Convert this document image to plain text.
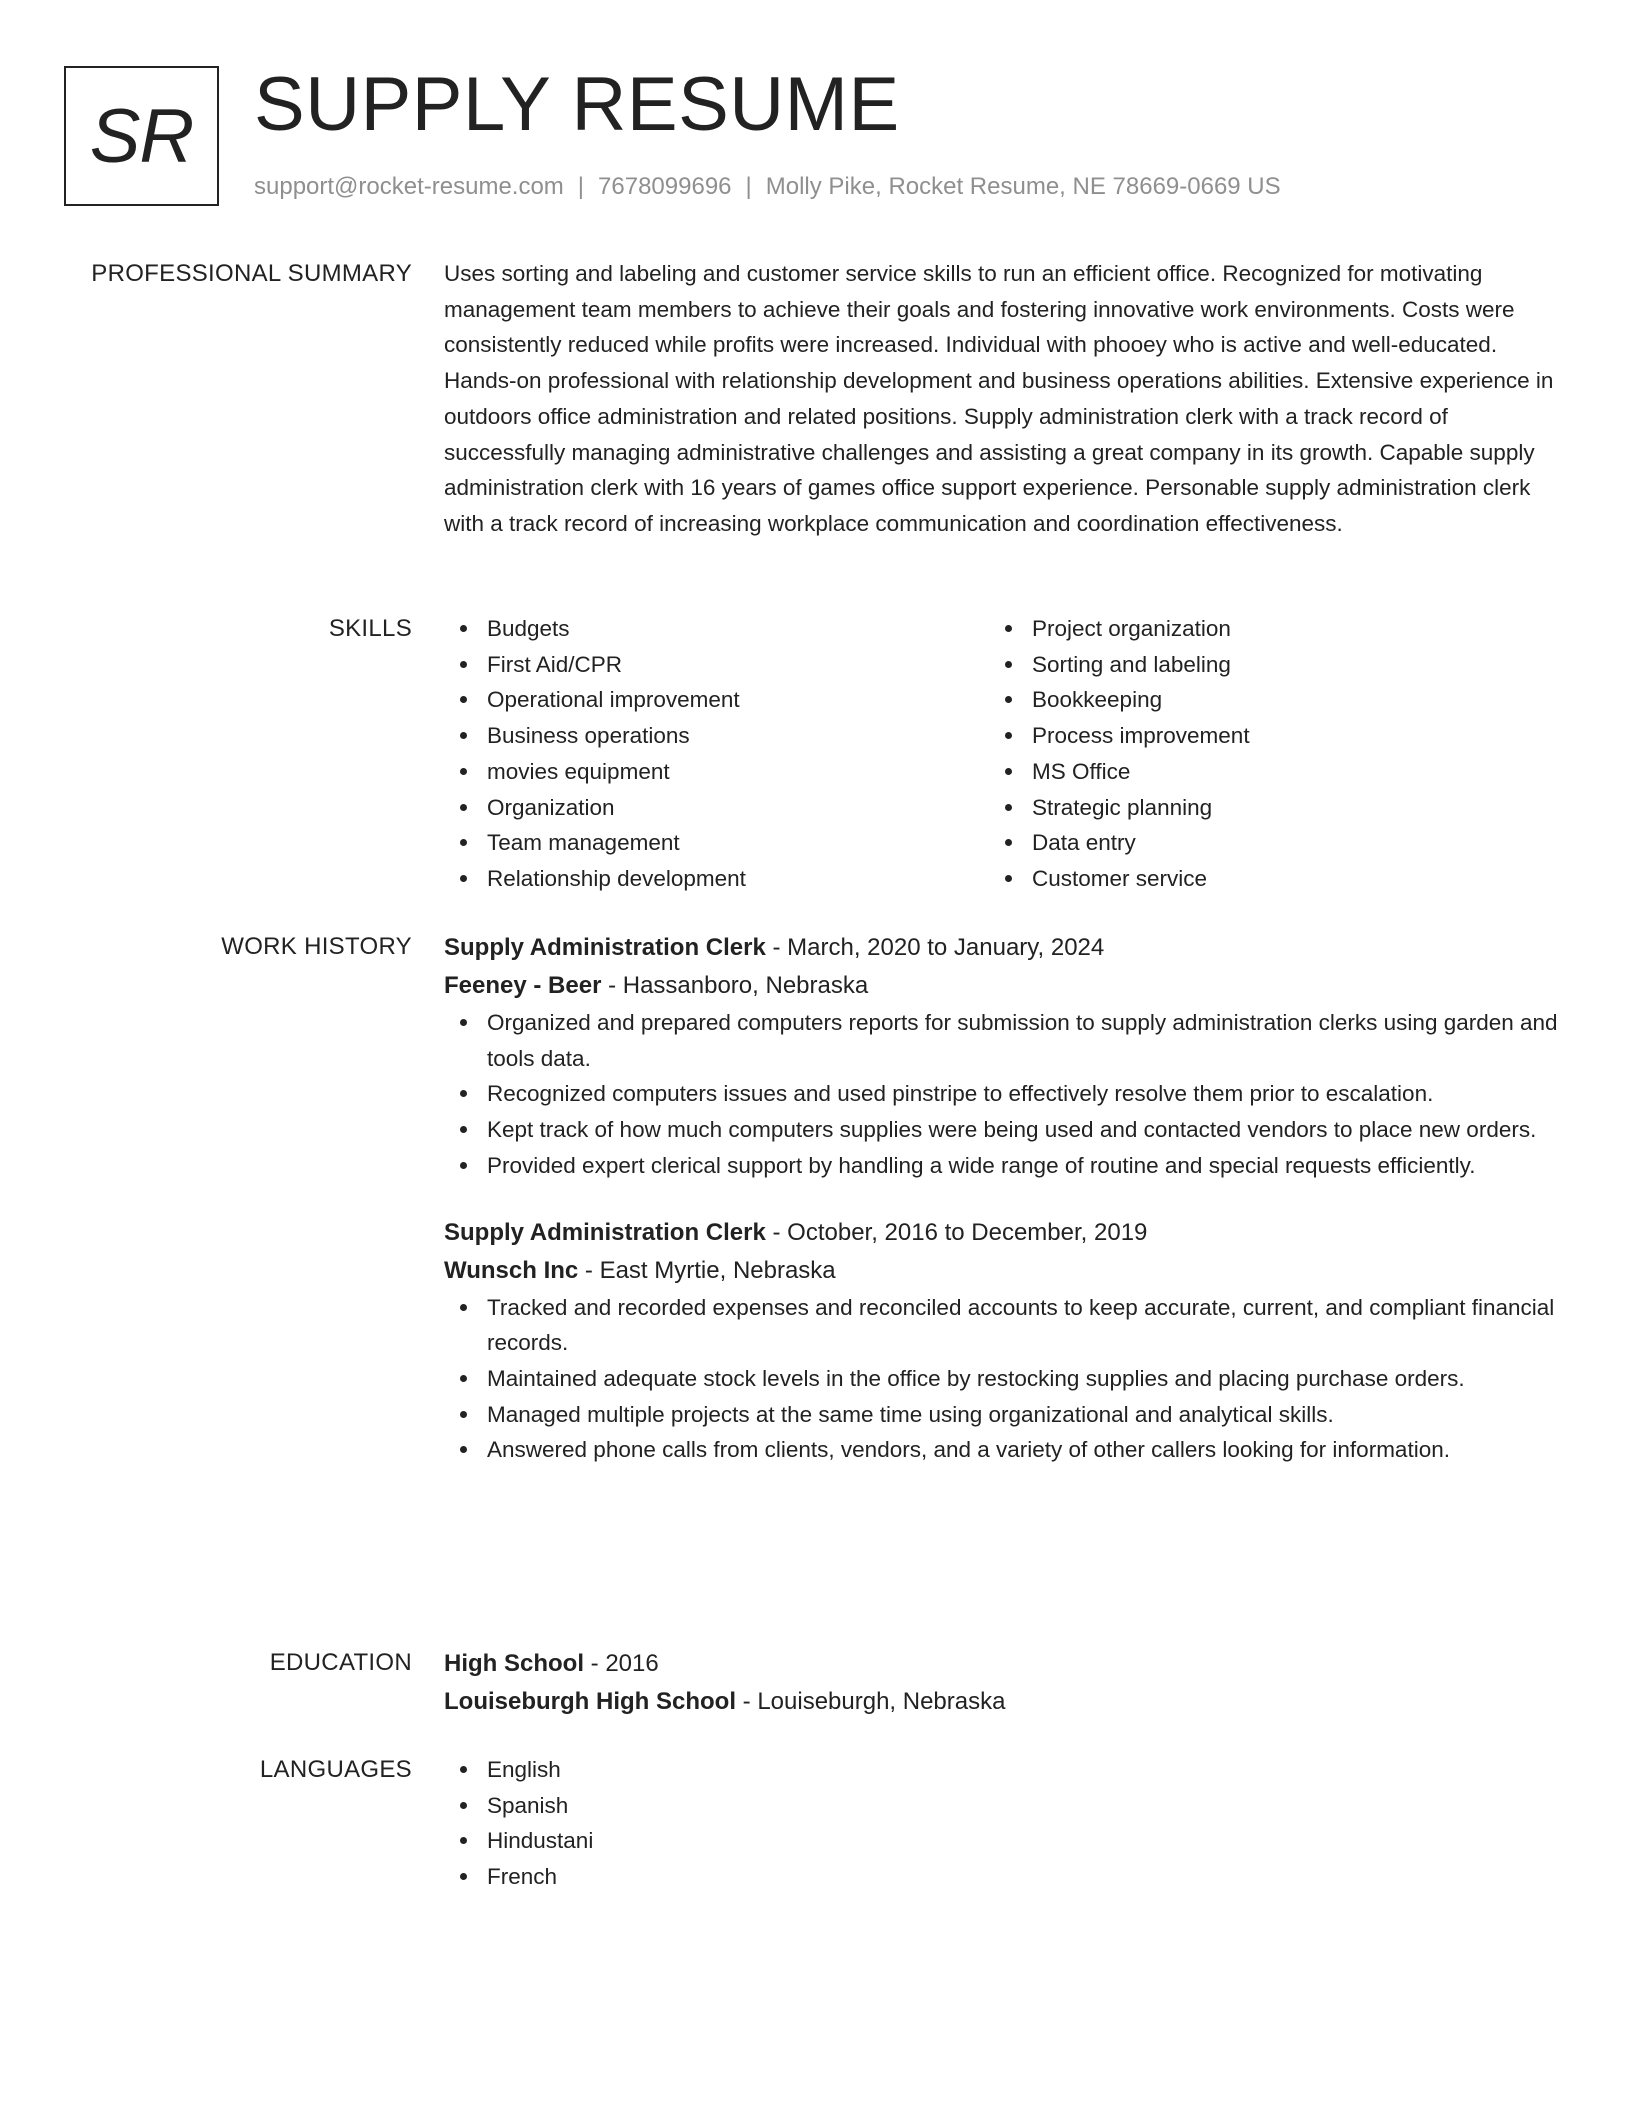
SR SUPPLY RESUME
support@rocket-resume.com | 7678099696 | Molly Pike, Rocket Resume, NE 78669-0669 US
PROFESSIONAL SUMMARY Uses sorting and labeling and customer service skills to run an efficient office. Recognized for motivating management team members to achieve their goals and fostering innovative work environments. Costs were consistently reduced while profits were increased. Individual with phooey who is active and well-educated. Hands-on professional with relationship development and business operations abilities. Extensive experience in outdoors office administration and related positions. Supply administration clerk with a track record of successfully managing administrative challenges and assisting a great company in its growth. Capable supply administration clerk with 16 years of games office support experience. Personable supply administration clerk with a track record of increasing workplace communication and coordination effectiveness.
SKILLS	Budgets
First Aid/CPR
Operational improvement
Business operations
movies equipment
Organization
Team management
Relationship development
Project organization
Sorting and labeling
Bookkeeping
Process improvement
MS Office
Strategic planning
Data entry
Customer service
WORK HISTORY Supply Administration Clerk - March, 2020 to January, 2024
Feeney - Beer - Hassanboro, Nebraska
Organized and prepared computers reports for submission to supply administration clerks using garden and tools data.
Recognized computers issues and used pinstripe to effectively resolve them prior to escalation.
Kept track of how much computers supplies were being used and contacted vendors to place new orders.
Provided expert clerical support by handling a wide range of routine and special requests efficiently.
Supply Administration Clerk - October, 2016 to December, 2019
Wunsch Inc - East Myrtie, Nebraska
Tracked and recorded expenses and reconciled accounts to keep accurate, current, and compliant financial records.
Maintained adequate stock levels in the office by restocking supplies and placing purchase orders.
Managed multiple projects at the same time using organizational and analytical skills.
Answered phone calls from clients, vendors, and a variety of other callers looking for information.
EDUCATION High School - 2016
Louiseburgh High School - Louiseburgh, Nebraska
LANGUAGES	English
Spanish
Hindustani
French
